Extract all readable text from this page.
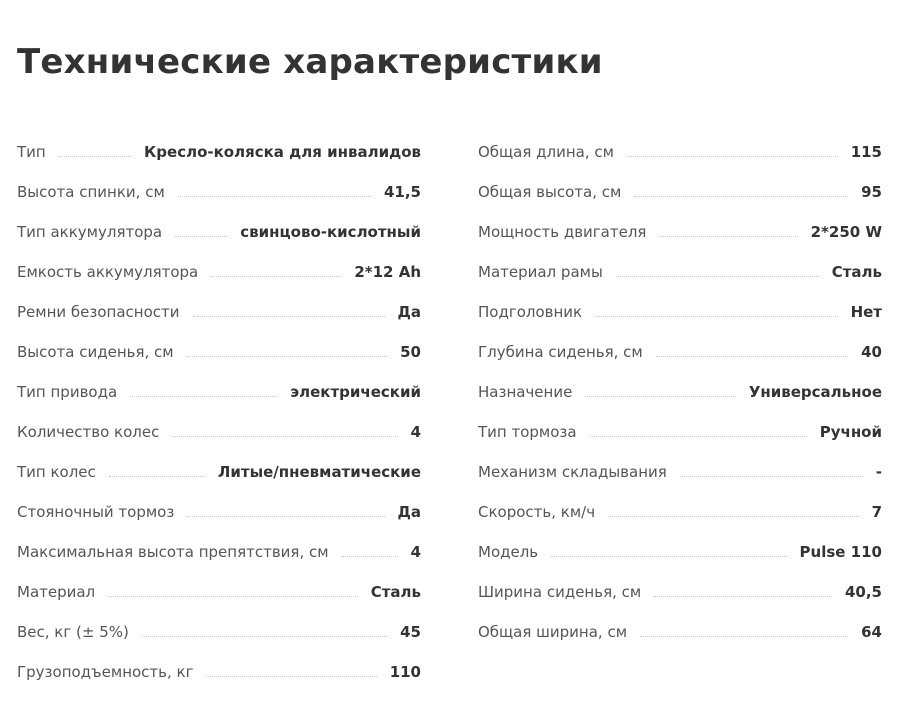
Технические характеристики
Тип	Кресло-коляска для инвалидов
Высота спинки, см	41,5
Тип аккумулятора	свинцово-кислотный
Емкость аккумулятора	2*12 Ah
Ремни безопасности	Да
Высота сиденья, см	50
Тип привода	электрический
Количество колес	4
Тип колес	Литые/пневматические
Стояночный тормоз	Да
Максимальная высота препятствия, см	4
Материал	Сталь
Вес, кг (± 5%)	45
Грузоподъемность, кг	110
Общая длина, см	115
Общая высота, см	95
Мощность двигателя	2*250 W
Материал рамы	Сталь
Подголовник	Нет
Глубина сиденья, см	40
Назначение	Универсальное
Тип тормоза	Ручной
Механизм складывания	-
Скорость, км/ч	7
Модель	Pulse 110
Ширина сиденья, см	40,5
Общая ширина, см	64
